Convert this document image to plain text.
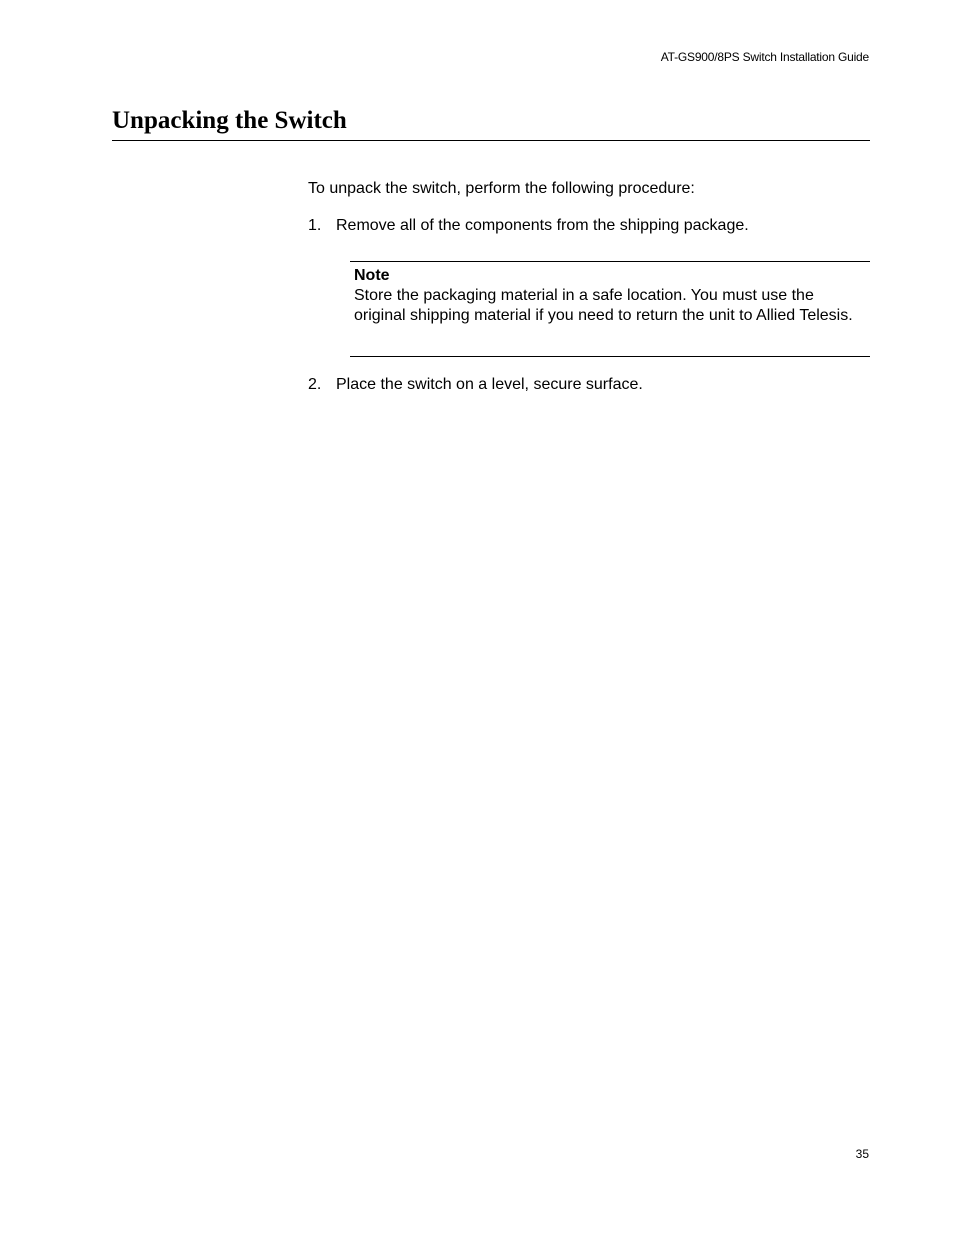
AT-GS900/8PS Switch Installation Guide
Unpacking the Switch
To unpack the switch, perform the following procedure:
1. Remove all of the components from the shipping package.
Note
Store the packaging material in a safe location. You must use the original shipping material if you need to return the unit to Allied Telesis.
2. Place the switch on a level, secure surface.
35
